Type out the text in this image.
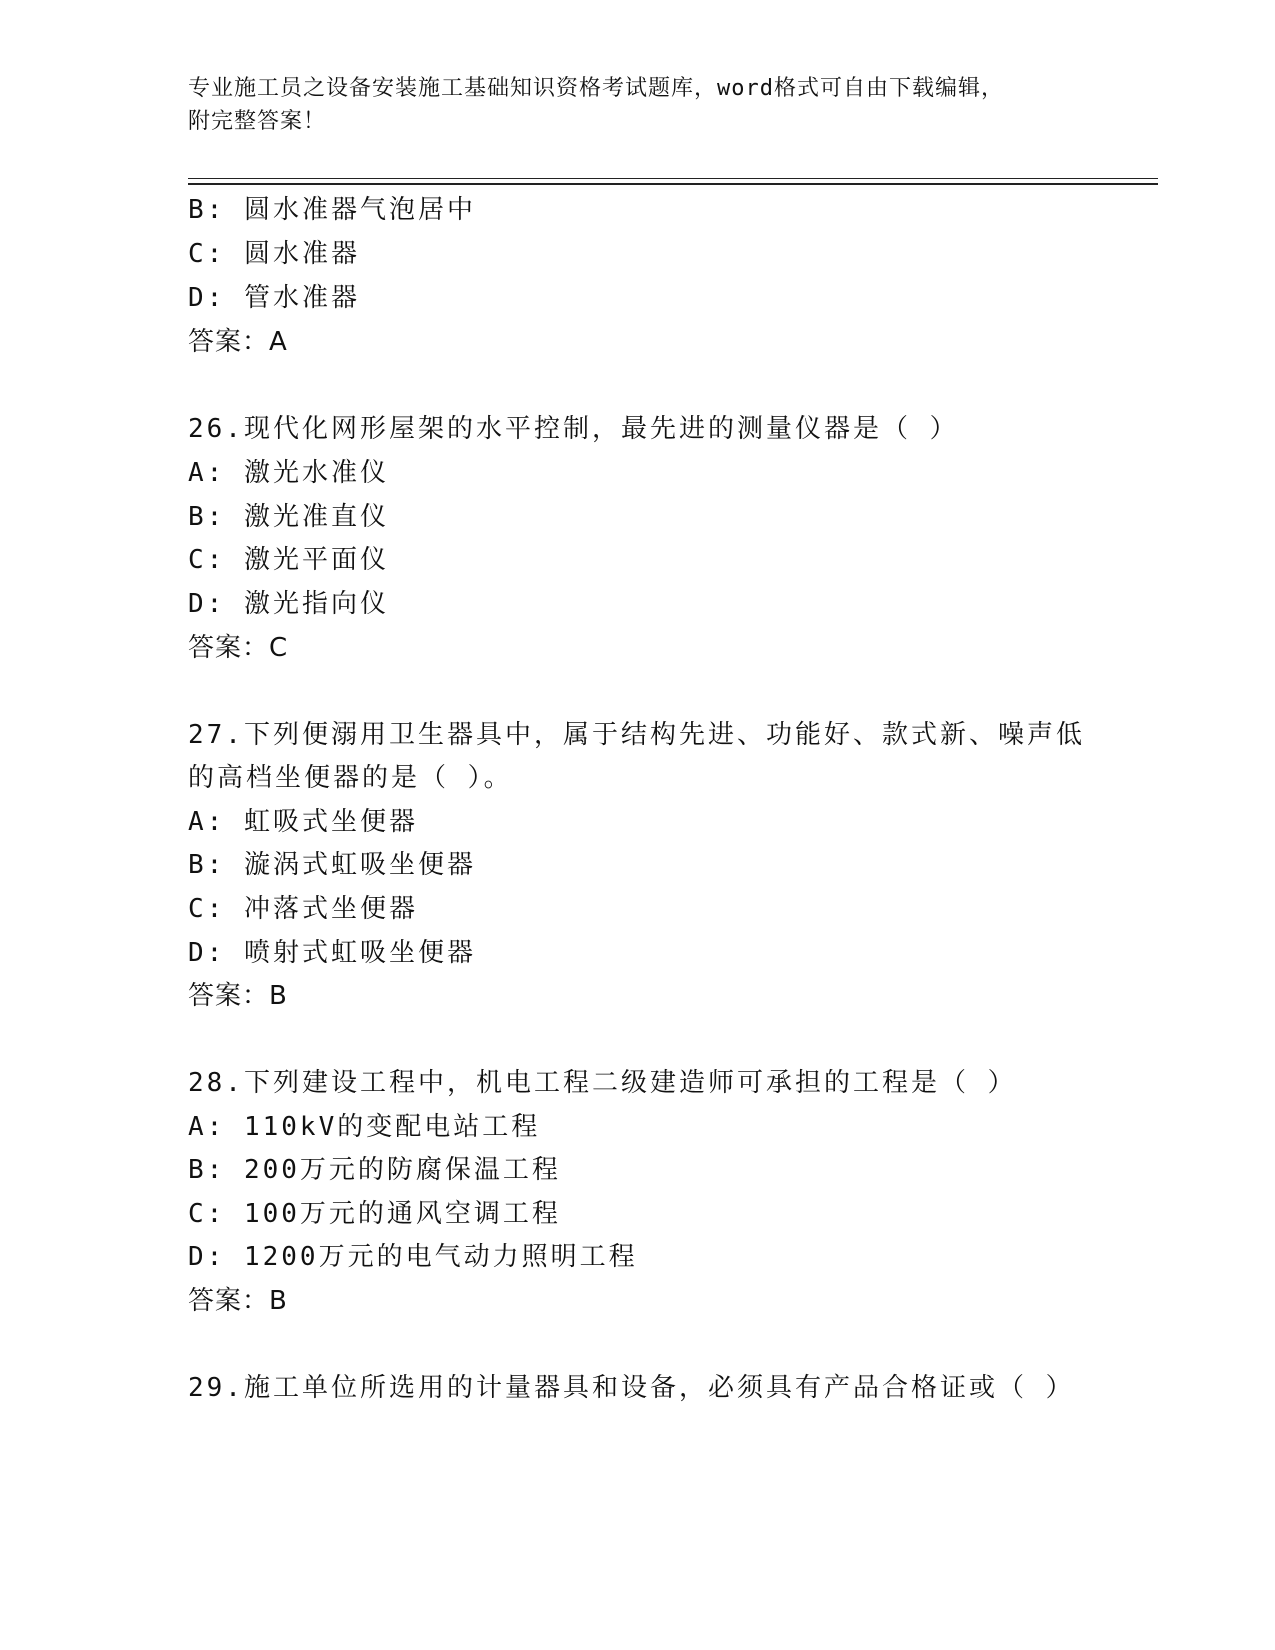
专业施工员之设备安装施工基础知识资格考试题库，word格式可自由下载编辑，
附完整答案！
B: 圆水准器气泡居中
C: 圆水准器
D: 管水准器
答案：A
26.现代化网形屋架的水平控制，最先进的测量仪器是（ ）
A: 激光水准仪
B: 激光准直仪
C: 激光平面仪
D: 激光指向仪
答案：C
27.下列便溺用卫生器具中，属于结构先进、功能好、款式新、噪声低
的高档坐便器的是（ ）。
A: 虹吸式坐便器
B: 漩涡式虹吸坐便器
C: 冲落式坐便器
D: 喷射式虹吸坐便器
答案：B
28.下列建设工程中，机电工程二级建造师可承担的工程是（ ）
A: 110kV的变配电站工程
B: 200万元的防腐保温工程
C: 100万元的通风空调工程
D: 1200万元的电气动力照明工程
答案：B
29.施工单位所选用的计量器具和设备，必须具有产品合格证或（ ）
